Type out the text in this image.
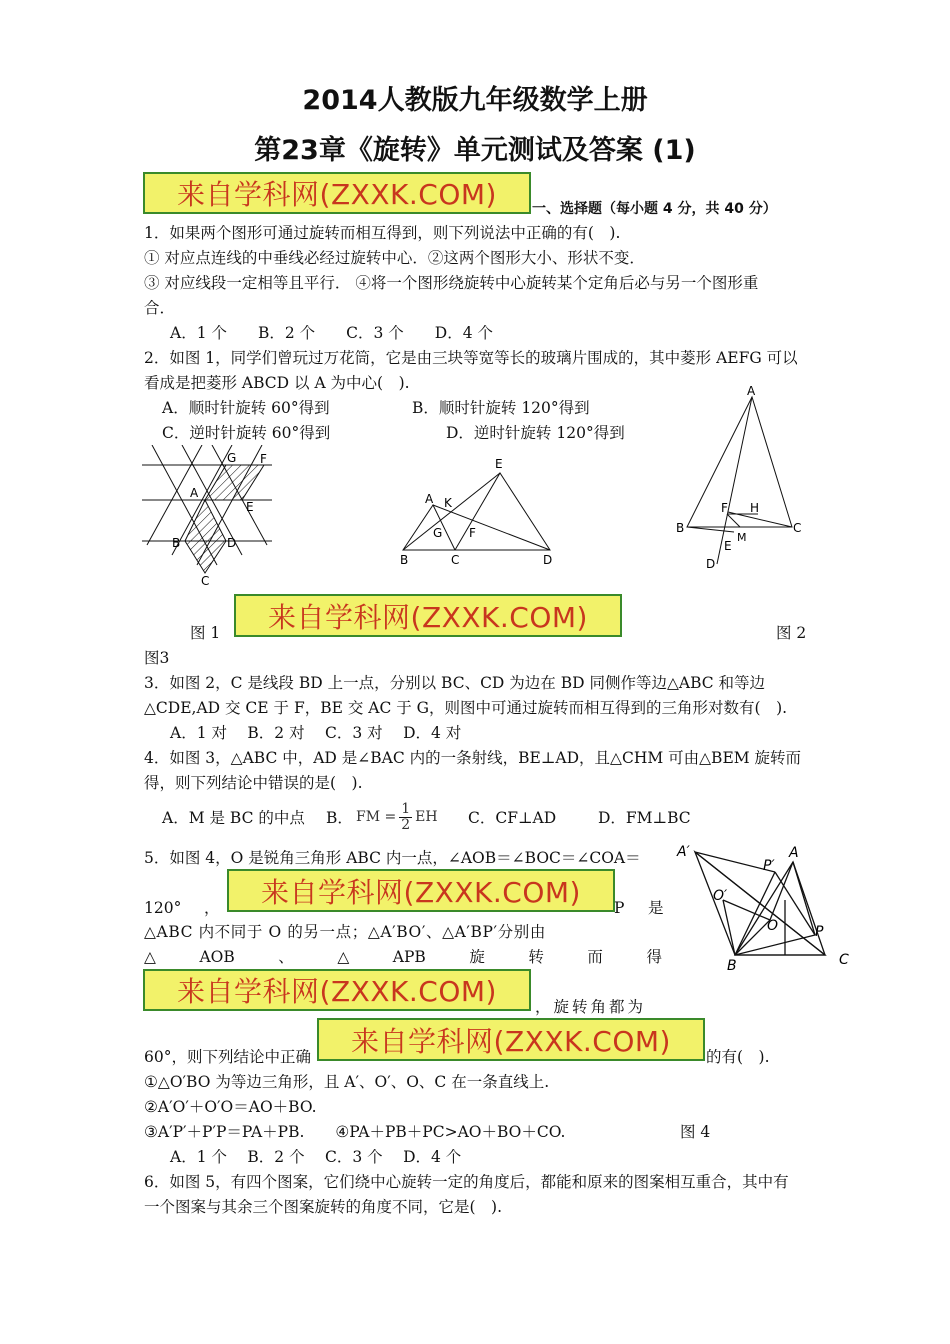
2014人教版九年级数学上册
第23章《旋转》单元测试及答案 (1)
来自学科网(ZXXK.COM)	一、选择题（每小题 4 分，共 40 分）
1．如果两个图形可通过旋转而相互得到，则下列说法中正确的有(　).
① 对应点连线的中垂线必经过旋转中心．②这两个图形大小、形状不变．
③ 对应线段一定相等且平行． ④将一个图形绕旋转中心旋转某个定角后必与另一个图形重
合．
A．1 个　　B．2 个　　C．3 个　　D．4 个
2．如图 1，同学们曾玩过万花筒，它是由三块等宽等长的玻璃片围成的，其中菱形 AEFG 可以
看成是把菱形 ABCD 以 A 为中心(　).
A．顺时针旋转 60°得到	B．顺时针旋转 120°得到
C．逆时针旋转 60°得到	D．逆时针旋转 120°得到
G F
A
E
B	D
C
E
A K
G F
B	C	D
A
F H
B
M
C
E
D
图 1	来自学科网(ZXXK.COM)	图 2
图3
3．如图 2，C 是线段 BD 上一点，分别以 BC、CD 为边在 BD 同侧作等边△ABC 和等边
△CDE,AD 交 CE 于 F，BE 交 AC 于 G，则图中可通过旋转而相互得到的三角形对数有(　).
A．1 对　 B．2 对　 C．3 对　 D．4 对
4．如图 3，△ABC 中，AD 是∠BAC 内的一条射线，BE⊥AD，且△CHM 可由△BEM 旋转而
得，则下列结论中错误的是(　).
A．M 是 BC 的中点 B． FM = $\frac{1}{2}$ EH C．CF⊥AD	D．FM⊥BC
5．如图 4，O 是锐角三角形 ABC 内一点，∠AOB＝∠BOC＝∠COA＝
120° ，	来自学科网(ZXXK.COM)	P 是
△ABC 内不同于 O 的另一点；△A′BO′、△A′BP′分别由
△	AOB	、	△	APB	旋	转	而	得
来自学科网(ZXXK.COM)	，旋转角都为
60°，则下列结论中正确	来自学科网(ZXXK.COM)	的有(　).
①△O′BO 为等边三角形，且 A′、O′、O、C 在一条直线上.
②A′O′＋O′O＝AO＋BO.
③A′P′＋P′P＝PA＋PB.　　④PA＋PB＋PC>AO＋BO＋CO.	图 4
A．1 个　 B．2 个　 C．3 个　 D．4 个
A′
P′
A
O′
O	P
B	C
6．如图 5，有四个图案，它们绕中心旋转一定的角度后，都能和原来的图案相互重合，其中有
一个图案与其余三个图案旋转的角度不同，它是(　).
